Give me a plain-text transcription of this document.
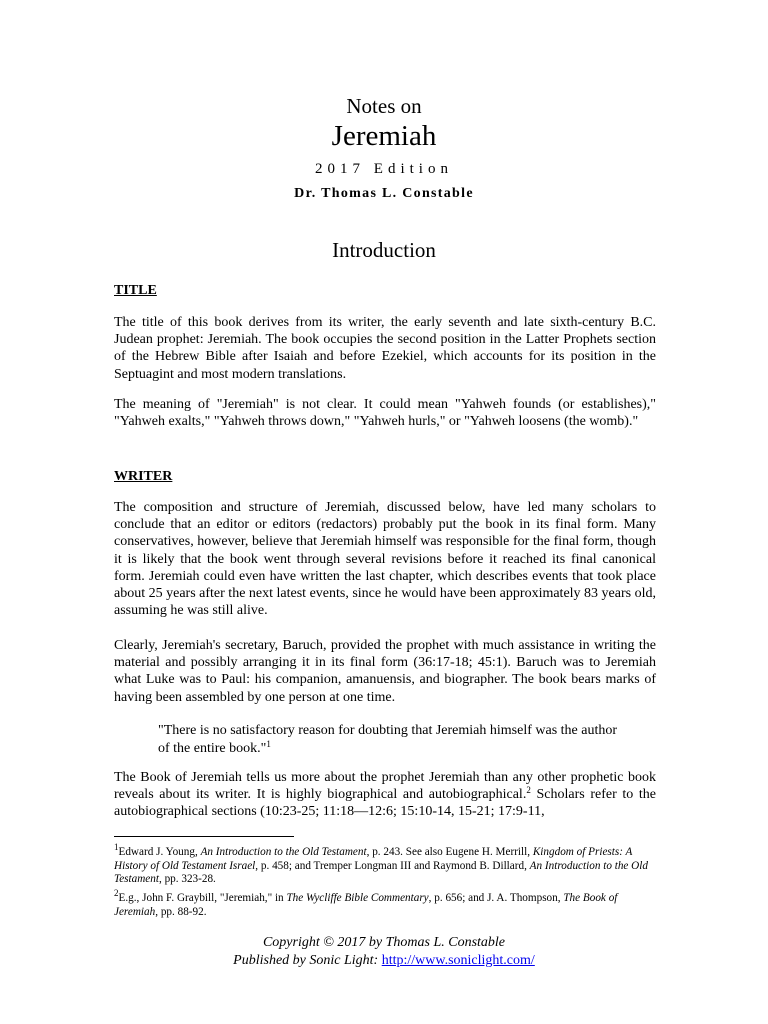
Notes on
Jeremiah
2017 Edition
Dr. Thomas L. Constable
Introduction
TITLE
The title of this book derives from its writer, the early seventh and late sixth-century B.C. Judean prophet: Jeremiah. The book occupies the second position in the Latter Prophets section of the Hebrew Bible after Isaiah and before Ezekiel, which accounts for its position in the Septuagint and most modern translations.
The meaning of "Jeremiah" is not clear. It could mean "Yahweh founds (or establishes)," "Yahweh exalts," "Yahweh throws down," "Yahweh hurls," or "Yahweh loosens (the womb)."
WRITER
The composition and structure of Jeremiah, discussed below, have led many scholars to conclude that an editor or editors (redactors) probably put the book in its final form. Many conservatives, however, believe that Jeremiah himself was responsible for the final form, though it is likely that the book went through several revisions before it reached its final canonical form. Jeremiah could even have written the last chapter, which describes events that took place about 25 years after the next latest events, since he would have been approximately 83 years old, assuming he was still alive.
Clearly, Jeremiah's secretary, Baruch, provided the prophet with much assistance in writing the material and possibly arranging it in its final form (36:17-18; 45:1). Baruch was to Jeremiah what Luke was to Paul: his companion, amanuensis, and biographer. The book bears marks of having been assembled by one person at one time.
"There is no satisfactory reason for doubting that Jeremiah himself was the author of the entire book."$^1$
The Book of Jeremiah tells us more about the prophet Jeremiah than any other prophetic book reveals about its writer. It is highly biographical and autobiographical.$^2$ Scholars refer to the autobiographical sections (10:23-25; 11:18—12:6; 15:10-14, 15-21; 17:9-11,
$^1$Edward J. Young, An Introduction to the Old Testament, p. 243. See also Eugene H. Merrill, Kingdom of Priests: A History of Old Testament Israel, p. 458; and Tremper Longman III and Raymond B. Dillard, An Introduction to the Old Testament, pp. 323-28.
$^2$E.g., John F. Graybill, "Jeremiah," in The Wycliffe Bible Commentary, p. 656; and J. A. Thompson, The Book of Jeremiah, pp. 88-92.
Copyright © 2017 by Thomas L. Constable
Published by Sonic Light: http://www.soniclight.com/
